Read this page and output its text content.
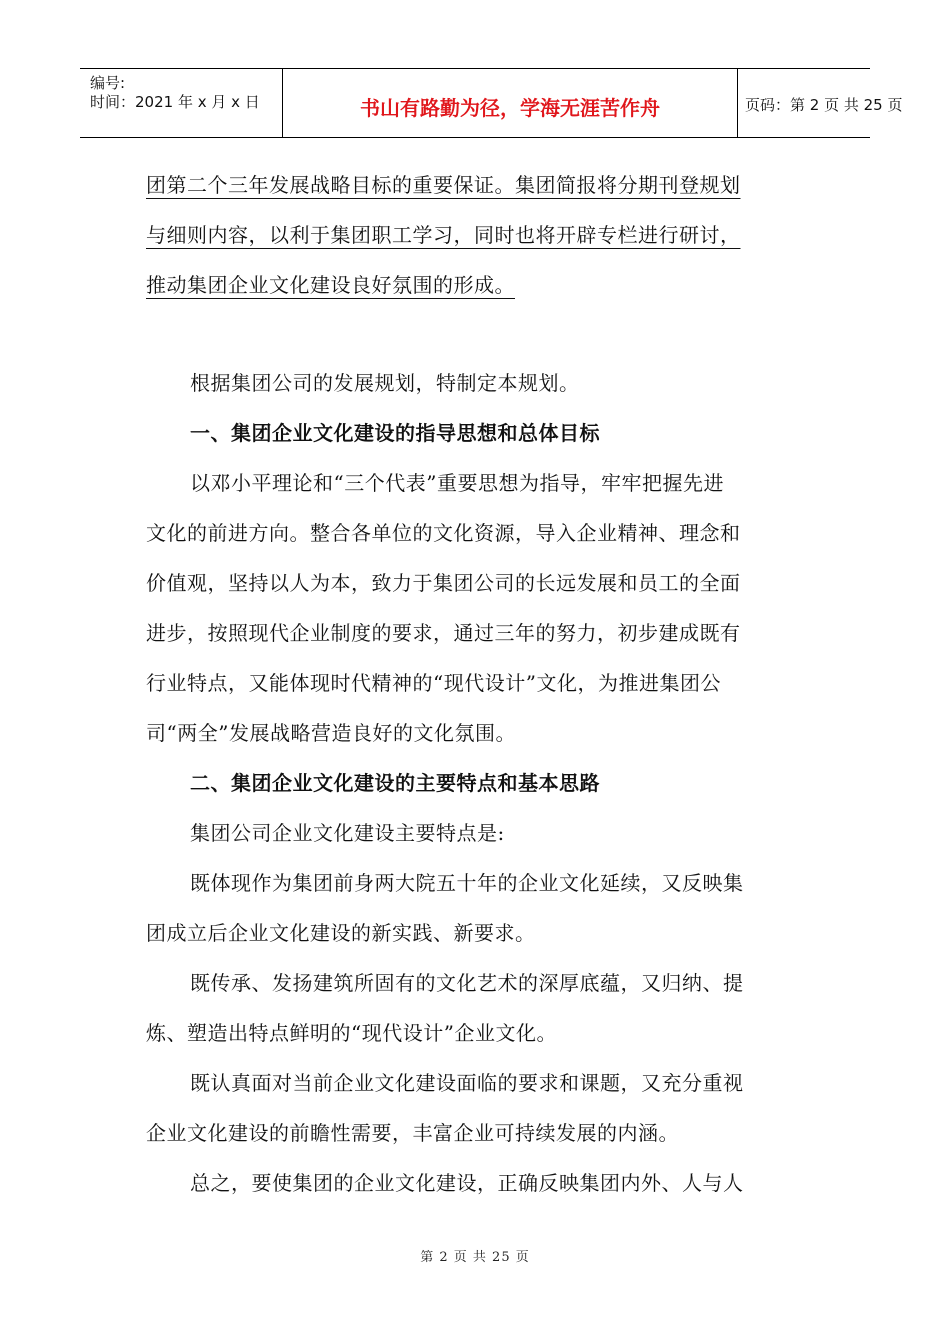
编号:
时间：2021 年 x 月 x 日	书山有路勤为径，学海无涯苦作舟	页码：第 2 页 共 25 页
团第二个三年发展战略目标的重要保证。集团简报将分期刊登规划
与细则内容，以利于集团职工学习，同时也将开辟专栏进行研讨，
推动集团企业文化建设良好氛围的形成。
根据集团公司的发展规划，特制定本规划。
一、集团企业文化建设的指导思想和总体目标
以邓小平理论和“三个代表”重要思想为指导，牢牢把握先进
文化的前进方向。整合各单位的文化资源，导入企业精神、理念和
价值观，坚持以人为本，致力于集团公司的长远发展和员工的全面
进步，按照现代企业制度的要求，通过三年的努力，初步建成既有
行业特点，又能体现时代精神的“现代设计”文化，为推进集团公
司“两全”发展战略营造良好的文化氛围。
二、集团企业文化建设的主要特点和基本思路
集团公司企业文化建设主要特点是:
既体现作为集团前身两大院五十年的企业文化延续，又反映集
团成立后企业文化建设的新实践、新要求。
既传承、发扬建筑所固有的文化艺术的深厚底蕴，又归纳、提
炼、塑造出特点鲜明的“现代设计”企业文化。
既认真面对当前企业文化建设面临的要求和课题，又充分重视
企业文化建设的前瞻性需要，丰富企业可持续发展的内涵。
总之，要使集团的企业文化建设，正确反映集团内外、人与人
第 2 页 共 25 页
